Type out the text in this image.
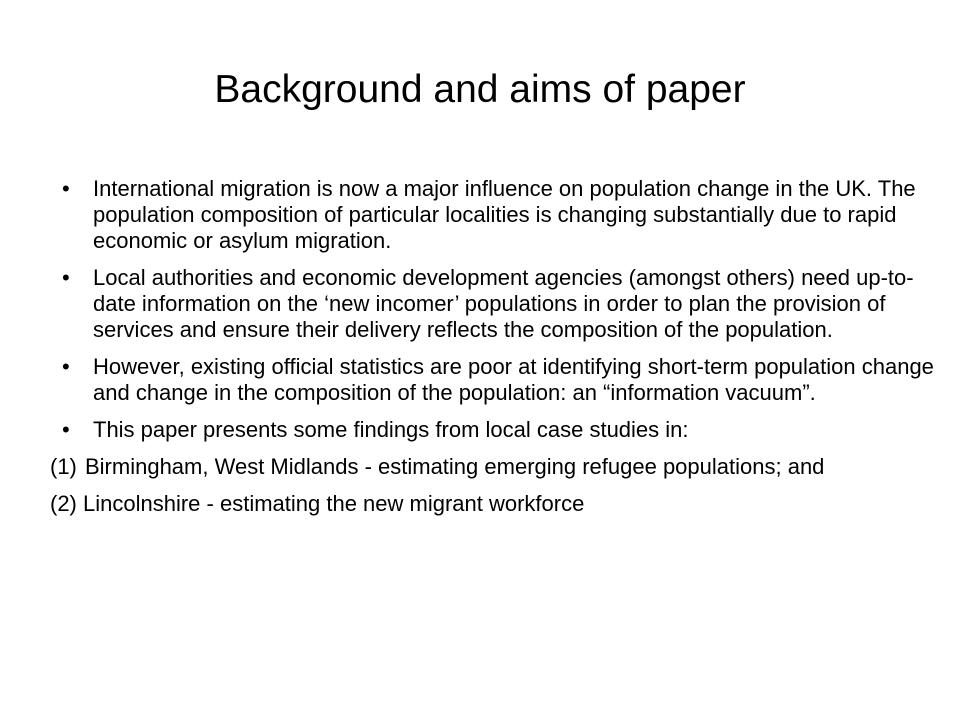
Background and aims of paper
•	International migration is now a major influence on population change in the UK. The population composition of particular localities is changing substantially due to rapid economic or asylum migration.
•	Local authorities and economic development agencies (amongst others) need up-to-date information on the ‘new incomer’ populations in order to plan the provision of services and ensure their delivery reflects the composition of the population.
•	However, existing official statistics are poor at identifying short-term population change and change in the composition of the population: an “information vacuum”.
•	This paper presents some findings from local case studies in:
(1) Birmingham, West Midlands - estimating emerging refugee populations; and
(2) Lincolnshire - estimating the new migrant workforce
